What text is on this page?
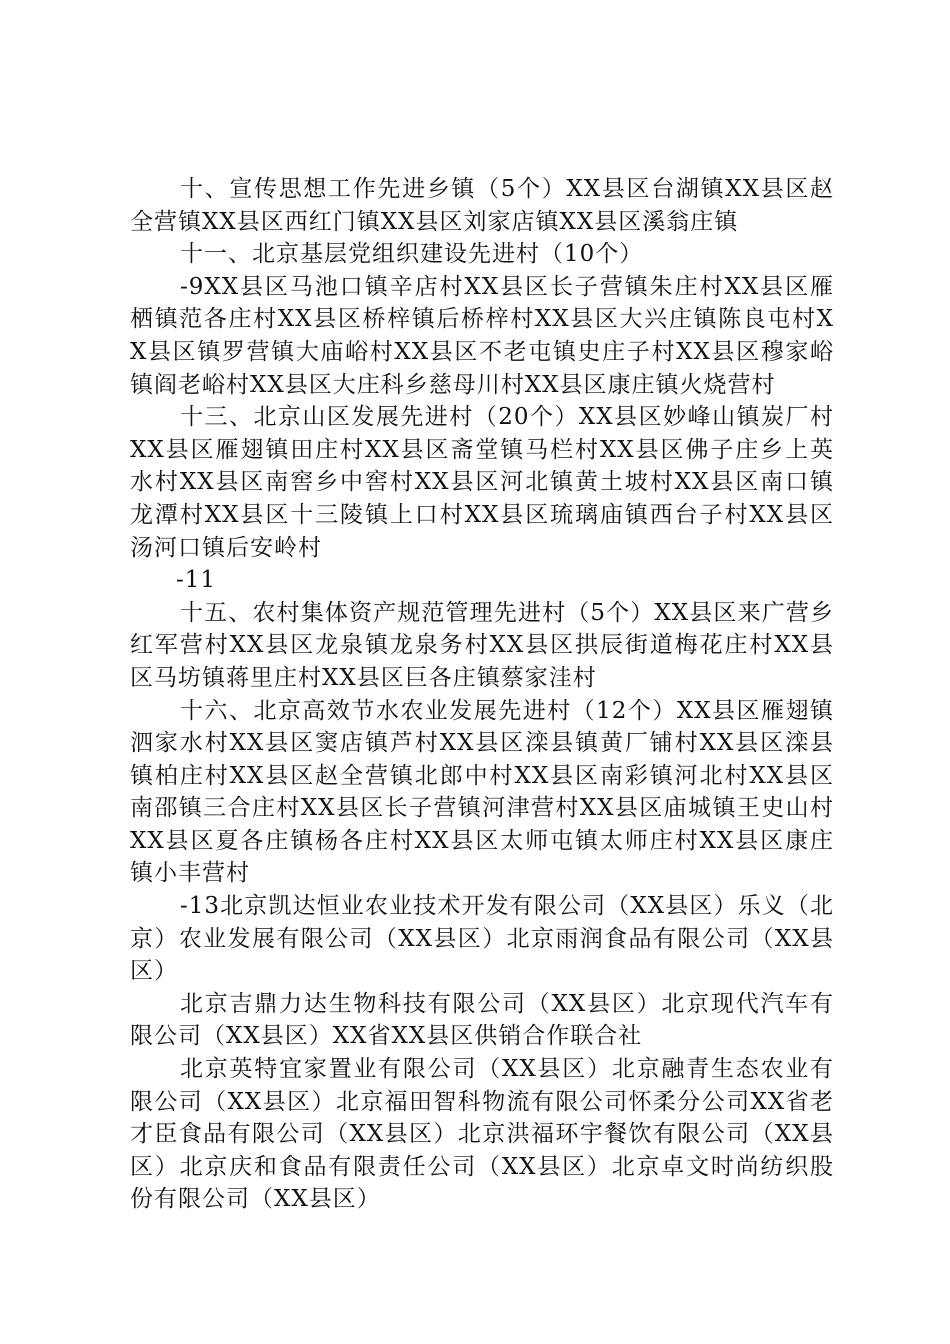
十、宣传思想工作先进乡镇（5个）XX县区台湖镇XX县区赵全营镇XX县区西红门镇XX县区刘家店镇XX县区溪翁庄镇

十一、北京基层党组织建设先进村（10个）

-9XX县区马池口镇辛店村XX县区长子营镇朱庄村XX县区雁栖镇范各庄村XX县区桥梓镇后桥梓村XX县区大兴庄镇陈良屯村XX县区镇罗营镇大庙峪村XX县区不老屯镇史庄子村XX县区穆家峪镇阎老峪村XX县区大庄科乡慈母川村XX县区康庄镇火烧营村

十三、北京山区发展先进村（20个）XX县区妙峰山镇炭厂村XX县区雁翅镇田庄村XX县区斋堂镇马栏村XX县区佛子庄乡上英水村XX县区南窖乡中窖村XX县区河北镇黄土坡村XX县区南口镇龙潭村XX县区十三陵镇上口村XX县区琉璃庙镇西台子村XX县区汤河口镇后安岭村

-11

十五、农村集体资产规范管理先进村（5个）XX县区来广营乡红军营村XX县区龙泉镇龙泉务村XX县区拱辰街道梅花庄村XX县区马坊镇蒋里庄村XX县区巨各庄镇蔡家洼村

十六、北京高效节水农业发展先进村（12个）XX县区雁翅镇泗家水村XX县区窦店镇芦村XX县区滦县镇黄厂铺村XX县区滦县镇柏庄村XX县区赵全营镇北郎中村XX县区南彩镇河北村XX县区南邵镇三合庄村XX县区长子营镇河津营村XX县区庙城镇王史山村XX县区夏各庄镇杨各庄村XX县区太师屯镇太师庄村XX县区康庄镇小丰营村

-13北京凯达恒业农业技术开发有限公司（XX县区）乐义（北京）农业发展有限公司（XX县区）北京雨润食品有限公司（XX县区）

北京吉鼎力达生物科技有限公司（XX县区）北京现代汽车有限公司（XX县区）XX省XX县区供销合作联合社

北京英特宜家置业有限公司（XX县区）北京融青生态农业有限公司（XX县区）北京福田智科物流有限公司怀柔分公司XX省老才臣食品有限公司（XX县区）北京洪福环宇餐饮有限公司（XX县区）北京庆和食品有限责任公司（XX县区）北京卓文时尚纺织股份有限公司（XX县区）
